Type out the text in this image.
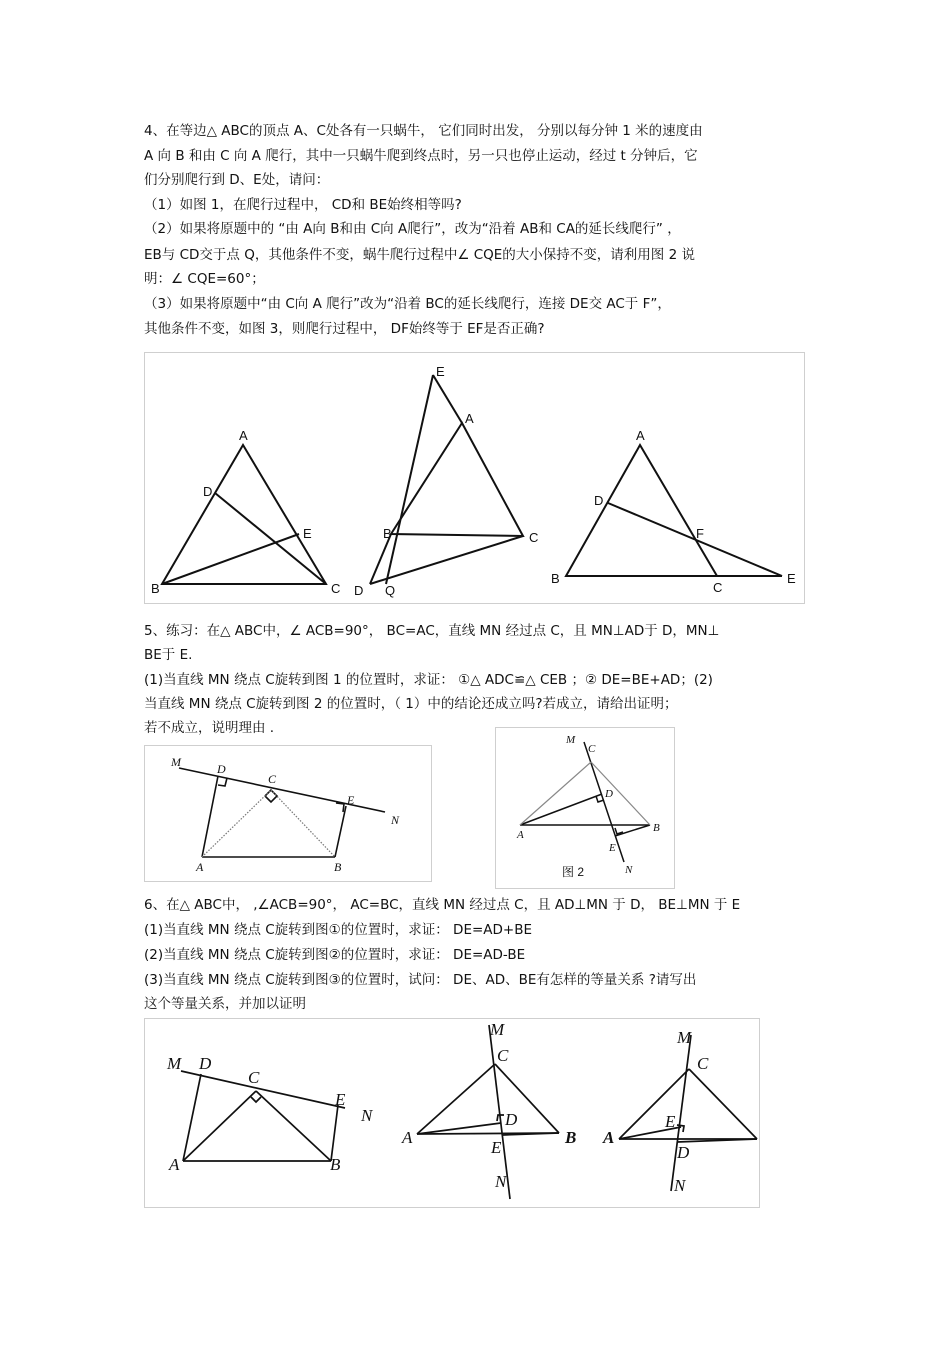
4、在等边△ ABC的顶点 A、C处各有一只蜗牛， 它们同时出发， 分别以每分钟 1 米的速度由
A 向 B 和由 C 向 A 爬行，其中一只蜗牛爬到终点时，另一只也停止运动，经过 t 分钟后，它
们分别爬行到 D、E处，请问：
（1）如图 1，在爬行过程中， CD和 BE始终相等吗?
（2）如果将原题中的 “由 A向 B和由 C向 A爬行”，改为“沿着 AB和 CA的延长线爬行” ，
EB与 CD交于点 Q，其他条件不变，蜗牛爬行过程中∠ CQE的大小保持不变，请利用图 2 说
明：∠ CQE=60°；
（3）如果将原题中“由 C向 A 爬行”改为“沿着 BC的延长线爬行，连接 DE交 AC于 F”，
其他条件不变，如图 3，则爬行过程中， DF始终等于 EF是否正确?
A
D
E
B	C
E
A
B	C
D Q
A
D
F
B
C
E
5、练习：在△ ABC中，∠ ACB=90°， BC=AC，直线 MN 经过点 C，且 MN⊥AD于 D，MN⊥
BE于 E.
(1)当直线 MN 绕点 C旋转到图 1 的位置时，求证： ①△ ADC≌△ CEB ；② DE=BE+AD；(2)
当直线 MN 绕点 C旋转到图 2 的位置时，（ 1）中的结论还成立吗?若成立，请给出证明；
若不成立，说明理由 .
M	D
C
E
N
A	B
M
C
D
A
B
E
N
图 2
6、在△ ABC中， ,∠ACB=90°， AC=BC，直线 MN 经过点 C，且 AD⊥MN 于 D， BE⊥MN 于 E
(1)当直线 MN 绕点 C旋转到图①的位置时，求证： DE=AD+BE
(2)当直线 MN 绕点 C旋转到图②的位置时，求证： DE=AD-BE
(3)当直线 MN 绕点 C旋转到图③的位置时，试问： DE、AD、BE有怎样的等量关系 ?请写出
这个等量关系，并加以证明
M D
C
E
N
A	B
M
C
D
A
E
B
N
M
C
E
A
D
N
